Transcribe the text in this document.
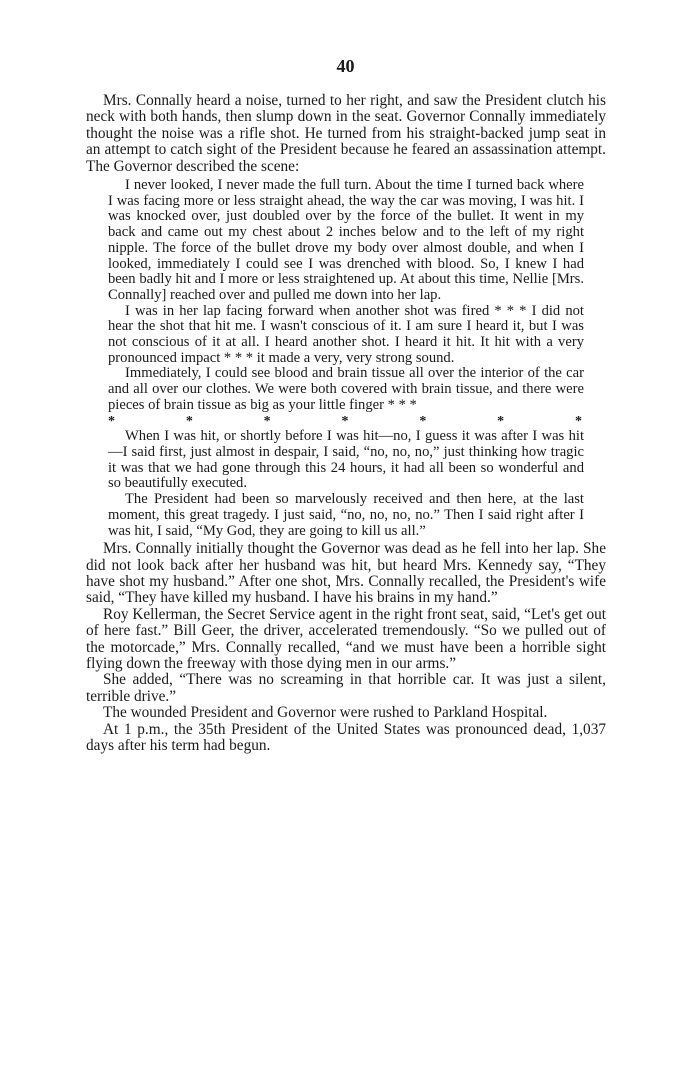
40

Mrs. Connally heard a noise, turned to her right, and saw the President clutch his neck with both hands, then slump down in the seat. Governor Connally immediately thought the noise was a rifle shot. He turned from his straight-backed jump seat in an attempt to catch sight of the President because he feared an assassination attempt. The Governor described the scene:

I never looked, I never made the full turn. About the time I turned back where I was facing more or less straight ahead, the way the car was moving, I was hit. I was knocked over, just doubled over by the force of the bullet. It went in my back and came out my chest about 2 inches below and to the left of my right nipple. The force of the bullet drove my body over almost double, and when I looked, immediately I could see I was drenched with blood. So, I knew I had been badly hit and I more or less straightened up. At about this time, Nellie [Mrs. Connally] reached over and pulled me down into her lap.

I was in her lap facing forward when another shot was fired * * * I did not hear the shot that hit me. I wasn't conscious of it. I am sure I heard it, but I was not conscious of it at all. I heard another shot. I heard it hit. It hit with a very pronounced impact * * * it made a very, very strong sound.

Immediately, I could see blood and brain tissue all over the interior of the car and all over our clothes. We were both covered with brain tissue, and there were pieces of brain tissue as big as your little finger * * *

*	*	*	*	*	*	*

When I was hit, or shortly before I was hit—no, I guess it was after I was hit—I said first, just almost in despair, I said, “no, no, no,” just thinking how tragic it was that we had gone through this 24 hours, it had all been so wonderful and so beautifully executed.

The President had been so marvelously received and then here, at the last moment, this great tragedy. I just said, “no, no, no, no.” Then I said right after I was hit, I said, “My God, they are going to kill us all.”

Mrs. Connally initially thought the Governor was dead as he fell into her lap. She did not look back after her husband was hit, but heard Mrs. Kennedy say, “They have shot my husband.” After one shot, Mrs. Connally recalled, the President's wife said, “They have killed my husband. I have his brains in my hand.”

Roy Kellerman, the Secret Service agent in the right front seat, said, “Let's get out of here fast.” Bill Geer, the driver, accelerated tremendously. “So we pulled out of the motorcade,” Mrs. Connally recalled, “and we must have been a horrible sight flying down the freeway with those dying men in our arms.”

She added, “There was no screaming in that horrible car. It was just a silent, terrible drive.”

The wounded President and Governor were rushed to Parkland Hospital.

At 1 p.m., the 35th President of the United States was pronounced dead, 1,037 days after his term had begun.
